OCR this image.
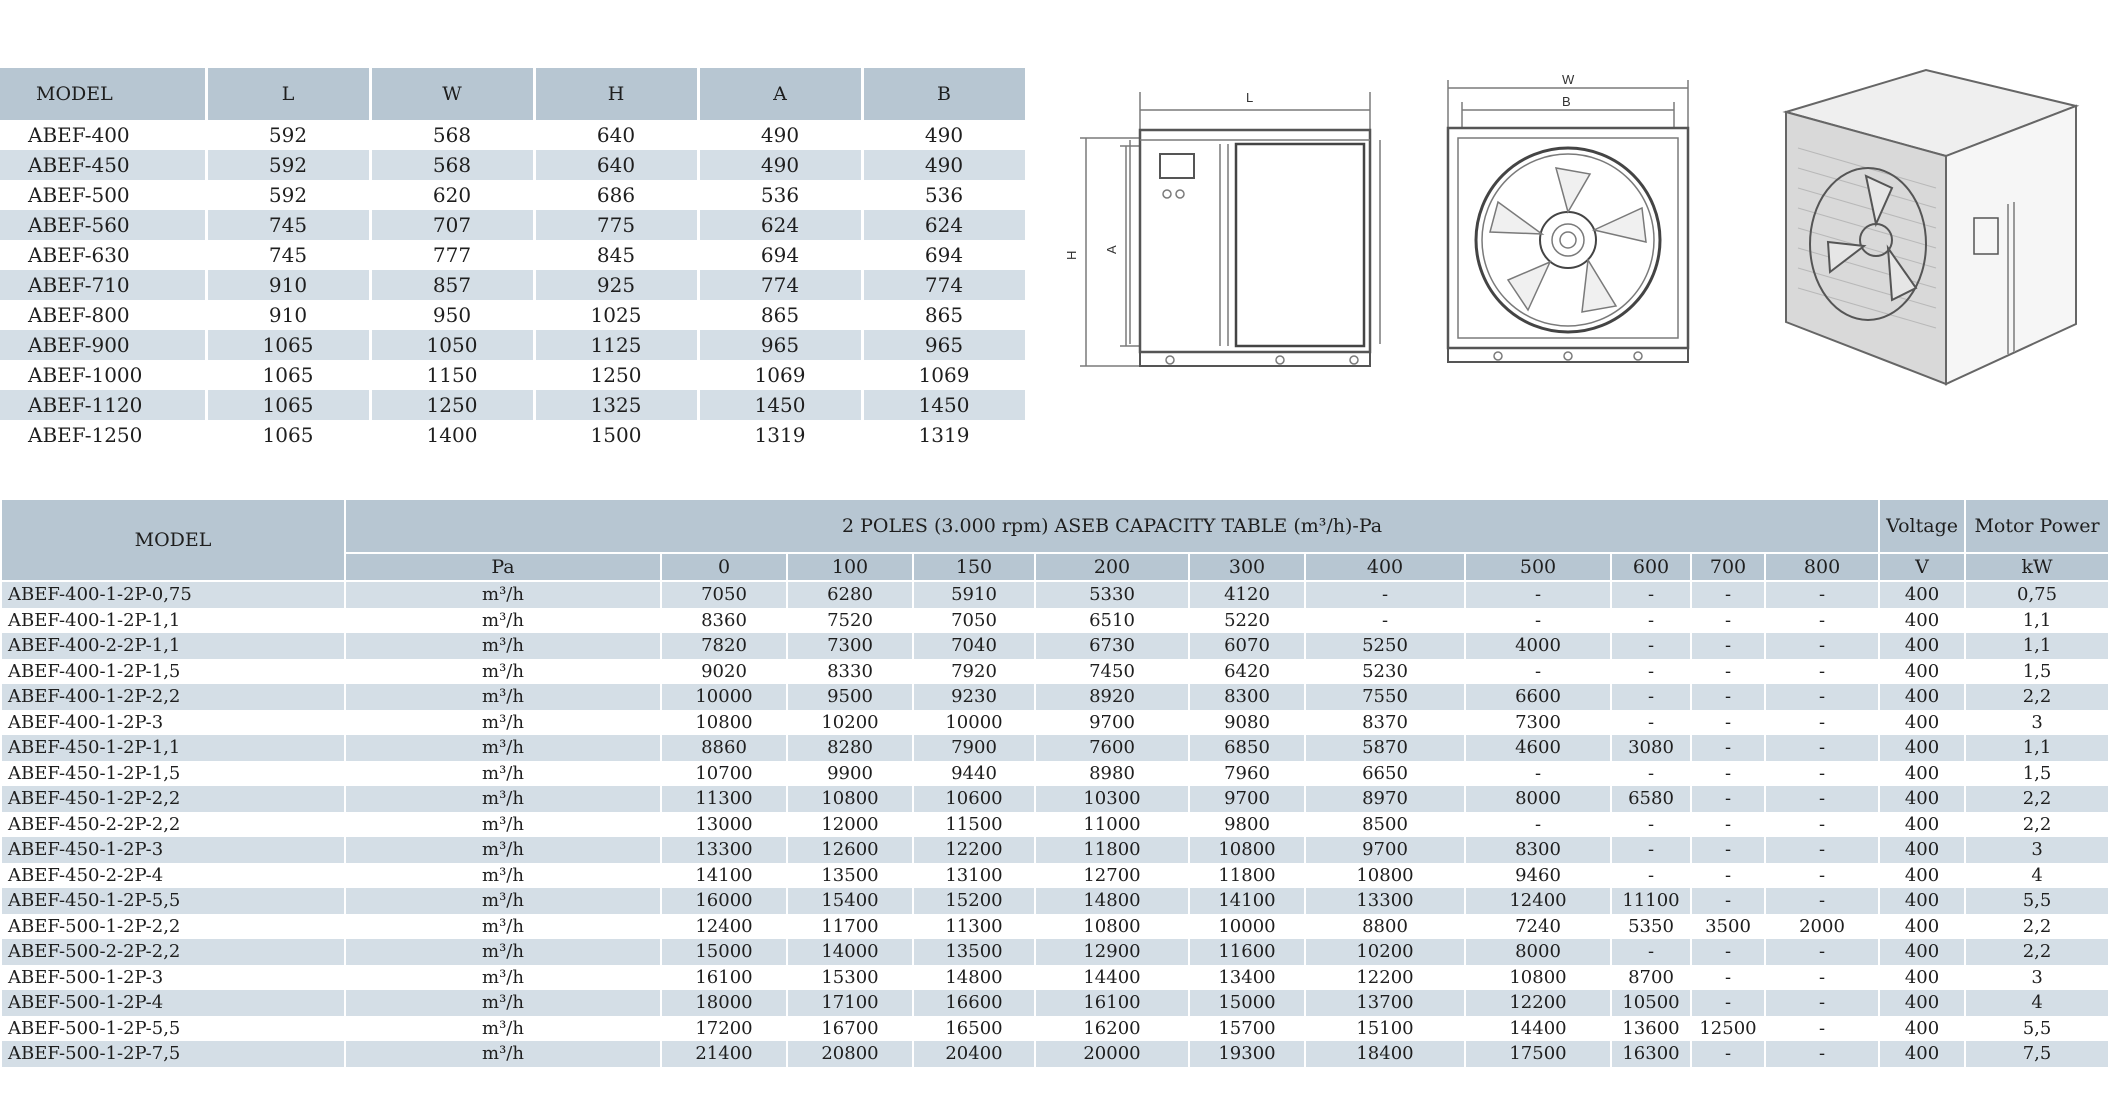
MODEL	L	W	H	A	B
ABEF-400	592	568	640	490	490
ABEF-450	592	568	640	490	490
ABEF-500	592	620	686	536	536
ABEF-560	745	707	775	624	624
ABEF-630	745	777	845	694	694
ABEF-710	910	857	925	774	774
ABEF-800	910	950	1025	865	865
ABEF-900	1065	1050	1125	965	965
ABEF-1000	1065	1150	1250	1069	1069
ABEF-1120	1065	1250	1325	1450	1450
ABEF-1250	1065	1400	1500	1319	1319
L
H
A
W
B
MODEL	2 POLES (3.000 rpm) ASEB CAPACITY TABLE (m³/h)-Pa											Voltage	Motor Power
	Pa	0	100	150	200	300	400	500	600	700	800	V	kW
ABEF-400-1-2P-0,75	m³/h	7050	6280	5910	5330	4120	-	-	-	-	-	400	0,75
ABEF-400-1-2P-1,1	m³/h	8360	7520	7050	6510	5220	-	-	-	-	-	400	1,1
ABEF-400-2-2P-1,1	m³/h	7820	7300	7040	6730	6070	5250	4000	-	-	-	400	1,1
ABEF-400-1-2P-1,5	m³/h	9020	8330	7920	7450	6420	5230	-	-	-	-	400	1,5
ABEF-400-1-2P-2,2	m³/h	10000	9500	9230	8920	8300	7550	6600	-	-	-	400	2,2
ABEF-400-1-2P-3	m³/h	10800	10200	10000	9700	9080	8370	7300	-	-	-	400	3
ABEF-450-1-2P-1,1	m³/h	8860	8280	7900	7600	6850	5870	4600	3080	-	-	400	1,1
ABEF-450-1-2P-1,5	m³/h	10700	9900	9440	8980	7960	6650	-	-	-	-	400	1,5
ABEF-450-1-2P-2,2	m³/h	11300	10800	10600	10300	9700	8970	8000	6580	-	-	400	2,2
ABEF-450-2-2P-2,2	m³/h	13000	12000	11500	11000	9800	8500	-	-	-	-	400	2,2
ABEF-450-1-2P-3	m³/h	13300	12600	12200	11800	10800	9700	8300	-	-	-	400	3
ABEF-450-2-2P-4	m³/h	14100	13500	13100	12700	11800	10800	9460	-	-	-	400	4
ABEF-450-1-2P-5,5	m³/h	16000	15400	15200	14800	14100	13300	12400	11100	-	-	400	5,5
ABEF-500-1-2P-2,2	m³/h	12400	11700	11300	10800	10000	8800	7240	5350	3500	2000	400	2,2
ABEF-500-2-2P-2,2	m³/h	15000	14000	13500	12900	11600	10200	8000	-	-	-	400	2,2
ABEF-500-1-2P-3	m³/h	16100	15300	14800	14400	13400	12200	10800	8700	-	-	400	3
ABEF-500-1-2P-4	m³/h	18000	17100	16600	16100	15000	13700	12200	10500	-	-	400	4
ABEF-500-1-2P-5,5	m³/h	17200	16700	16500	16200	15700	15100	14400	13600	12500	-	400	5,5
ABEF-500-1-2P-7,5	m³/h	21400	20800	20400	20000	19300	18400	17500	16300	-	-	400	7,5
